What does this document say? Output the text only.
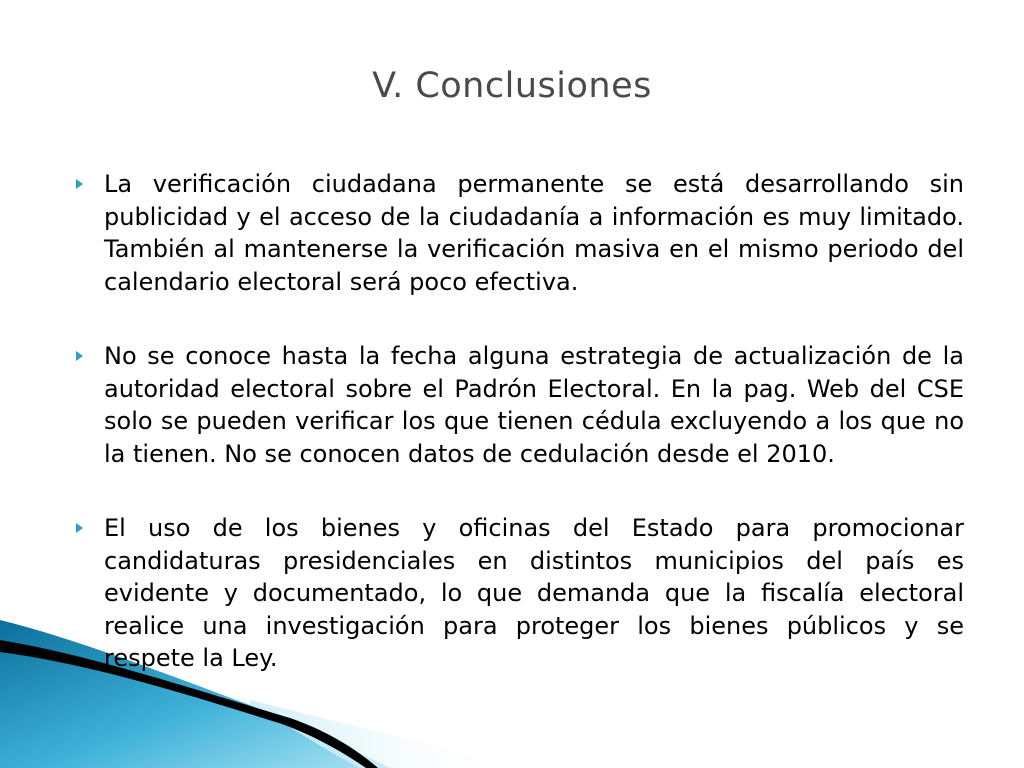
V. Conclusiones
La verificación ciudadana permanente se está desarrollando sin publicidad y el acceso de la ciudadanía a información es muy limitado. También al mantenerse la verificación masiva en el mismo periodo del calendario electoral será poco efectiva.
No se conoce hasta la fecha alguna estrategia de actualización de la autoridad electoral sobre el Padrón Electoral. En la pag. Web del CSE solo se pueden verificar los que tienen cédula excluyendo a los que no la tienen. No se conocen datos de cedulación desde el 2010.
El uso de los bienes y oficinas del Estado para promocionar candidaturas presidenciales en distintos municipios del país es evidente y documentado, lo que demanda que la fiscalía electoral realice una investigación para proteger los bienes públicos y se respete la Ley.
